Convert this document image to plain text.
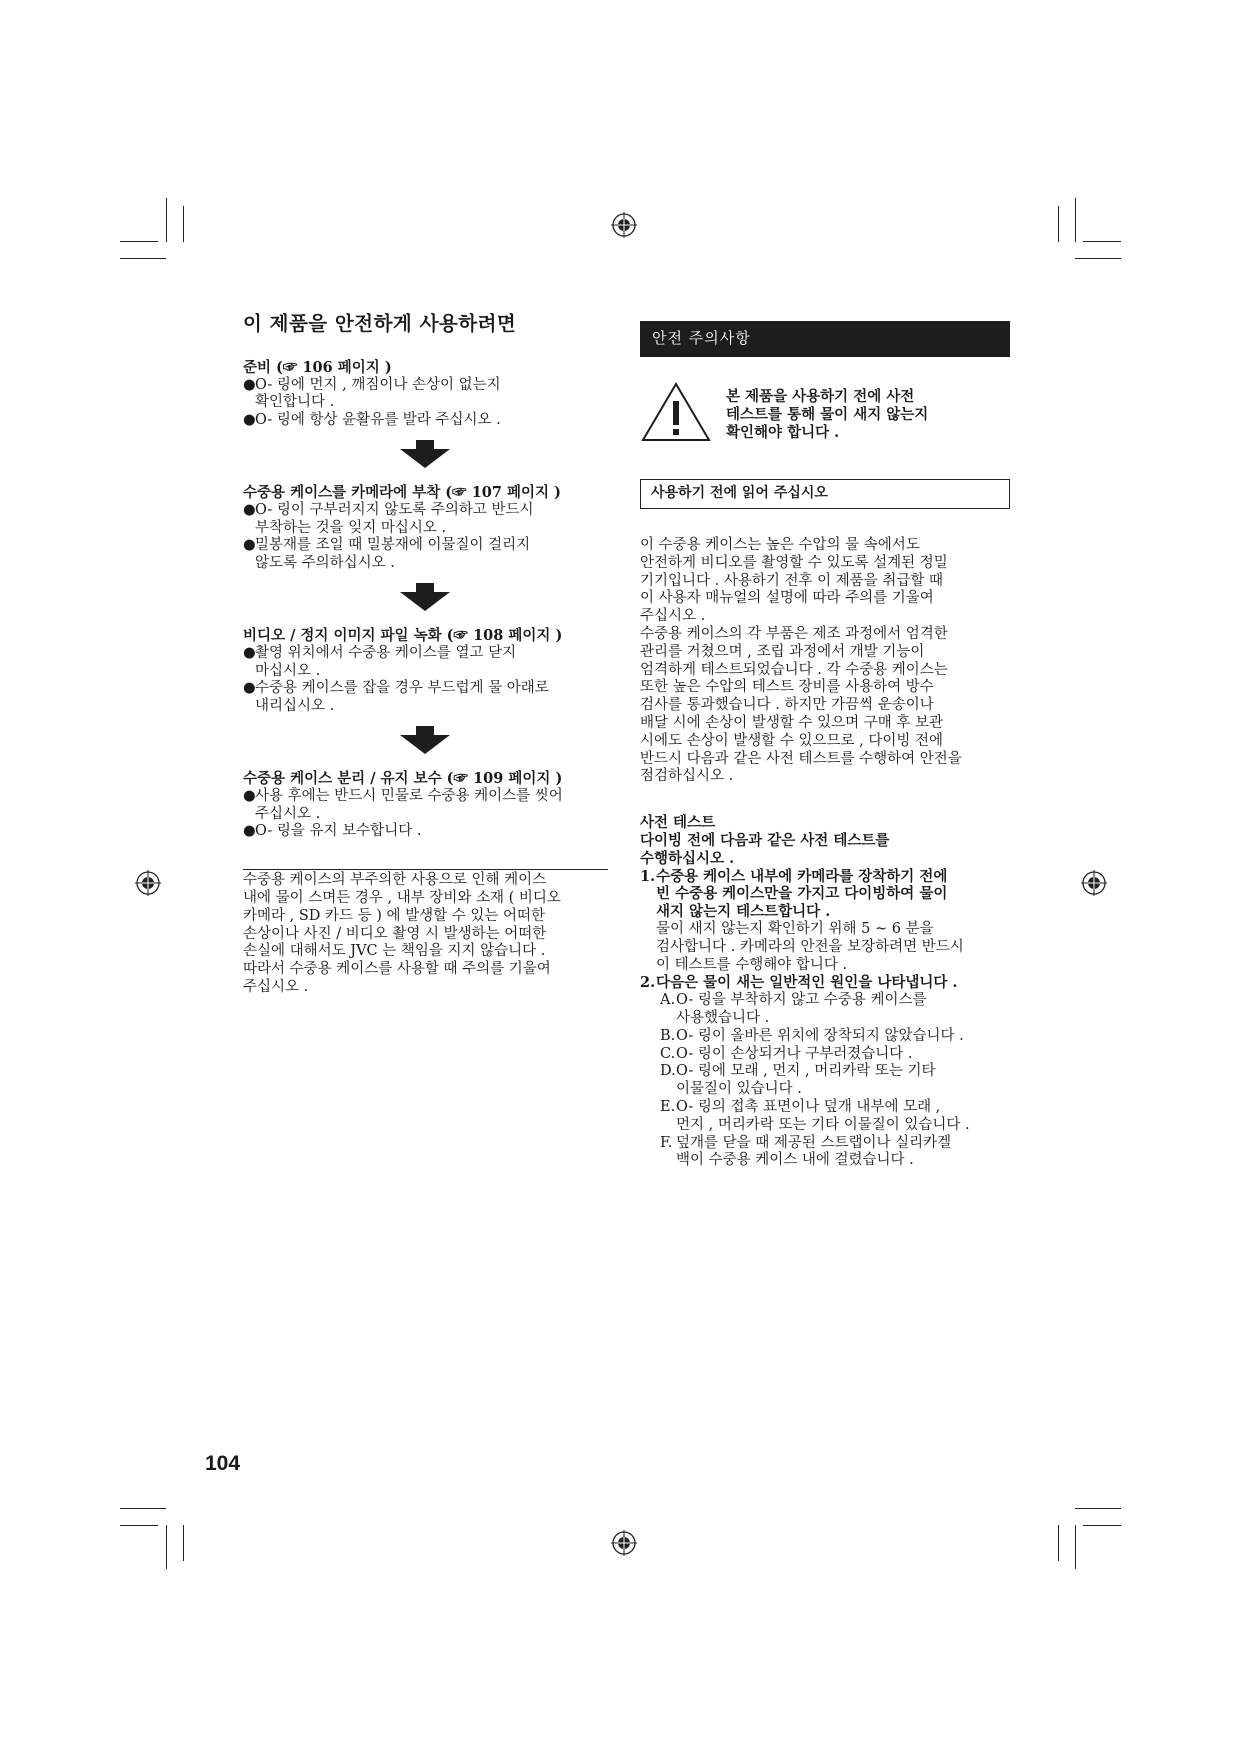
이 제품을 안전하게 사용하려면
준비 (☞ 106 페이지 )
● O- 링에 먼지 , 깨짐이나 손상이 없는지
확인합니다 .
● O- 링에 항상 윤활유를 발라 주십시오 .
수중용 케이스를 카메라에 부착 (☞ 107 페이지 )
● O- 링이 구부러지지 않도록 주의하고 반드시
부착하는 것을 잊지 마십시오 .
● 밀봉재를 조일 때 밀봉재에 이물질이 걸리지
않도록 주의하십시오 .
비디오 / 정지 이미지 파일 녹화 (☞ 108 페이지 )
● 촬영 위치에서 수중용 케이스를 열고 닫지
마십시오 .
● 수중용 케이스를 잡을 경우 부드럽게 물 아래로
내리십시오 .
수중용 케이스 분리 / 유지 보수 (☞ 109 페이지 )
● 사용 후에는 반드시 민물로 수중용 케이스를 씻어
주십시오 .
● O- 링을 유지 보수합니다 .
수중용 케이스의 부주의한 사용으로 인해 케이스
내에 물이 스며든 경우 , 내부 장비와 소재 ( 비디오
카메라 , SD 카드 등 ) 에 발생할 수 있는 어떠한
손상이나 사진 / 비디오 촬영 시 발생하는 어떠한
손실에 대해서도 JVC 는 책임을 지지 않습니다 .
따라서 수중용 케이스를 사용할 때 주의를 기울여
주십시오 .
안전 주의사항
본 제품을 사용하기 전에 사전
테스트를 통해 물이 새지 않는지
확인해야 합니다 .
사용하기 전에 읽어 주십시오
이 수중용 케이스는 높은 수압의 물 속에서도
안전하게 비디오를 촬영할 수 있도록 설계된 정밀
기기입니다 . 사용하기 전후 이 제품을 취급할 때
이 사용자 매뉴얼의 설명에 따라 주의를 기울여
주십시오 .
수중용 케이스의 각 부품은 제조 과정에서 엄격한
관리를 거쳤으며 , 조립 과정에서 개발 기능이
엄격하게 테스트되었습니다 . 각 수중용 케이스는
또한 높은 수압의 테스트 장비를 사용하여 방수
검사를 통과했습니다 . 하지만 가끔씩 운송이나
배달 시에 손상이 발생할 수 있으며 구매 후 보관
시에도 손상이 발생할 수 있으므로 , 다이빙 전에
반드시 다음과 같은 사전 테스트를 수행하여 안전을
점검하십시오 .
사전 테스트
다이빙 전에 다음과 같은 사전 테스트를
수행하십시오 .
1. 수중용 케이스 내부에 카메라를 장착하기 전에
빈 수중용 케이스만을 가지고 다이빙하여 물이
새지 않는지 테스트합니다 .
물이 새지 않는지 확인하기 위해 5 ~ 6 분을
검사합니다 . 카메라의 안전을 보장하려면 반드시
이 테스트를 수행해야 합니다 .
2. 다음은 물이 새는 일반적인 원인을 나타냅니다 .
A. O- 링을 부착하지 않고 수중용 케이스를
사용했습니다 .
B. O- 링이 올바른 위치에 장착되지 않았습니다 .
C. O- 링이 손상되거나 구부러졌습니다 .
D. O- 링에 모래 , 먼지 , 머리카락 또는 기타
이물질이 있습니다 .
E. O- 링의 접촉 표면이나 덮개 내부에 모래 ,
먼지 , 머리카락 또는 기타 이물질이 있습니다 .
F. 덮개를 닫을 때 제공된 스트랩이나 실리카겔
백이 수중용 케이스 내에 걸렸습니다 .
104
